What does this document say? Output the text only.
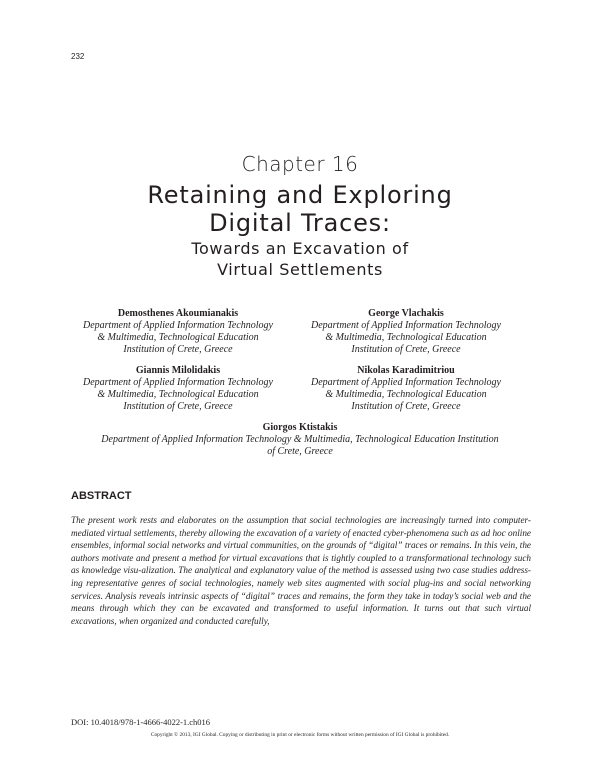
232
Chapter 16
Retaining and Exploring
Digital Traces:
Towards an Excavation of
Virtual Settlements
Demosthenes Akoumianakis
Department of Applied Information Technology
& Multimedia, Technological Education
Institution of Crete, Greece
George Vlachakis
Department of Applied Information Technology
& Multimedia, Technological Education
Institution of Crete, Greece
Giannis Milolidakis
Department of Applied Information Technology
& Multimedia, Technological Education
Institution of Crete, Greece
Nikolas Karadimitriou
Department of Applied Information Technology
& Multimedia, Technological Education
Institution of Crete, Greece
Giorgos Ktistakis
Department of Applied Information Technology & Multimedia, Technological Education Institution
of Crete, Greece
ABSTRACT
The present work rests and elaborates on the assumption that social technologies are increasingly turned into computer-mediated virtual settlements, thereby allowing the excavation of a variety of enacted cyber-phenomena such as ad hoc online ensembles, informal social networks and virtual communities, on the grounds of “digital” traces or remains. In this vein, the authors motivate and present a method for virtual excavations that is tightly coupled to a transformational technology such as knowledge visu-alization. The analytical and explanatory value of the method is assessed using two case studies address-ing representative genres of social technologies, namely web sites augmented with social plug-ins and social networking services. Analysis reveals intrinsic aspects of “digital” traces and remains, the form they take in today’s social web and the means through which they can be excavated and transformed to useful information. It turns out that such virtual excavations, when organized and conducted carefully,
DOI: 10.4018/978-1-4666-4022-1.ch016
Copyright © 2013, IGI Global. Copying or distributing in print or electronic forms without written permission of IGI Global is prohibited.
